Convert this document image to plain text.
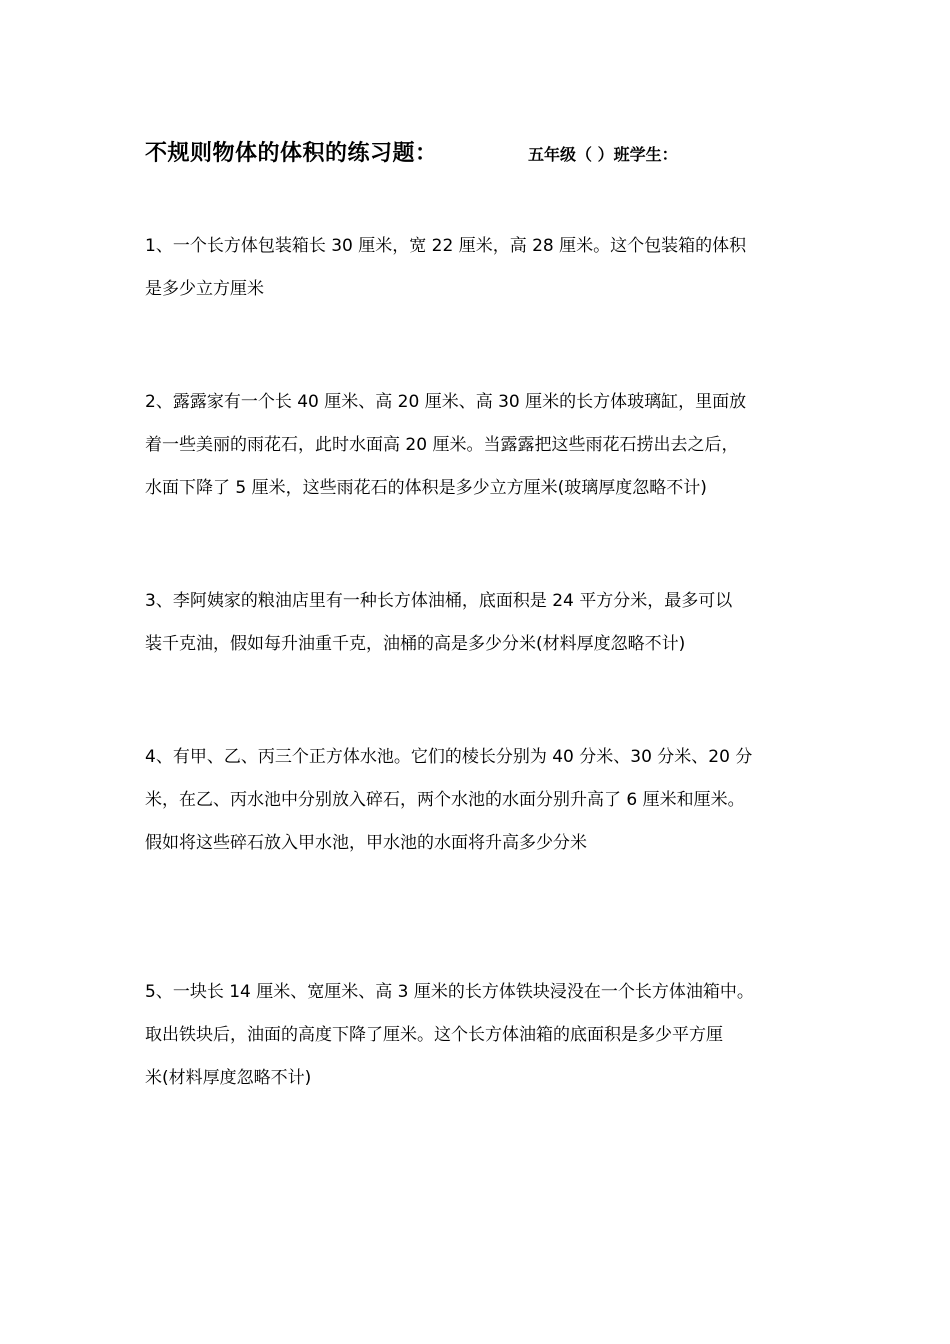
不规则物体的体积的练习题：	五年级（ ）班学生：
1、一个长方体包装箱长 30 厘米，宽 22 厘米，高 28 厘米。这个包装箱的体积
是多少立方厘米
2、露露家有一个长 40 厘米、高 20 厘米、高 30 厘米的长方体玻璃缸，里面放
着一些美丽的雨花石，此时水面高 20 厘米。当露露把这些雨花石捞出去之后，
水面下降了 5 厘米，这些雨花石的体积是多少立方厘米(玻璃厚度忽略不计)
3、李阿姨家的粮油店里有一种长方体油桶，底面积是 24 平方分米，最多可以
装千克油，假如每升油重千克，油桶的高是多少分米(材料厚度忽略不计)
4、有甲、乙、丙三个正方体水池。它们的棱长分别为 40 分米、30 分米、20 分
米，在乙、丙水池中分别放入碎石，两个水池的水面分别升高了 6 厘米和厘米。
假如将这些碎石放入甲水池，甲水池的水面将升高多少分米
5、一块长 14 厘米、宽厘米、高 3 厘米的长方体铁块浸没在一个长方体油箱中。
取出铁块后，油面的高度下降了厘米。这个长方体油箱的底面积是多少平方厘
米(材料厚度忽略不计)
